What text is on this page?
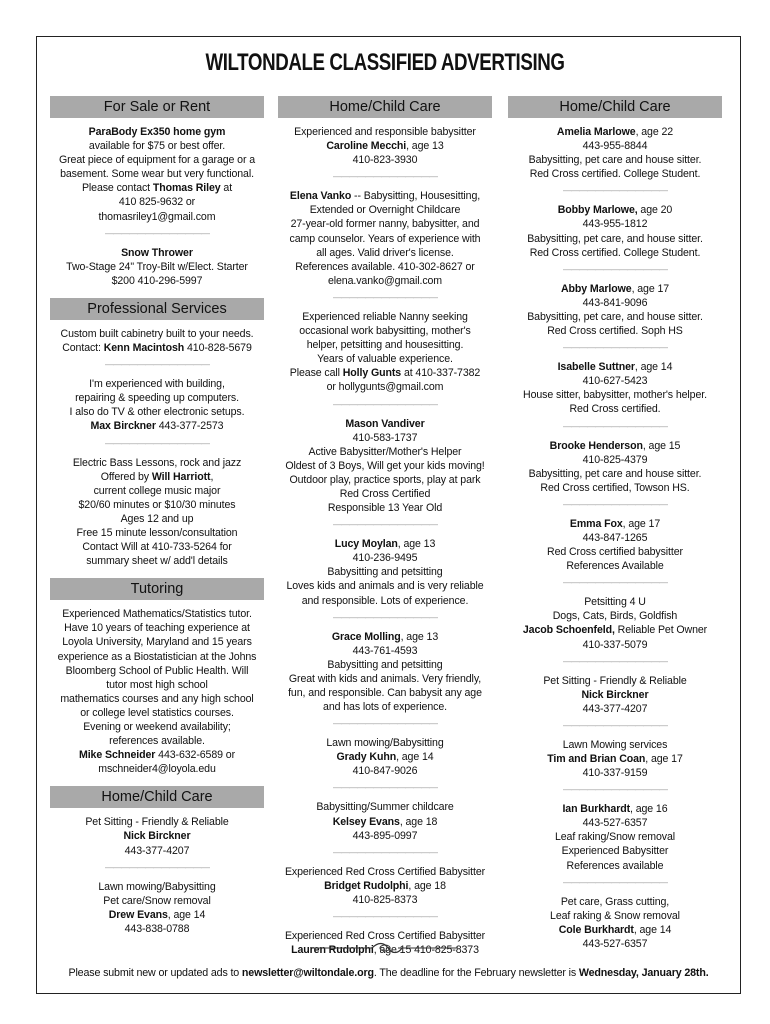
WILTONDALE CLASSIFIED ADVERTISING
For Sale or Rent
ParaBody Ex350 home gym
available for $75 or best offer.
Great piece of equipment for a garage or a
basement. Some wear but very functional.
Please contact Thomas Riley at
410 825-9632 or
thomasriley1@gmail.com
—————————————
Snow Thrower
Two-Stage 24" Troy-Bilt w/Elect. Starter
$200 410-296-5997
Professional Services
Custom built cabinetry built to your needs.
Contact: Kenn Macintosh 410-828-5679
—————————————
I'm experienced with building,
repairing & speeding up computers.
I also do TV & other electronic setups.
Max Birckner 443-377-2573
—————————————
Electric Bass Lessons, rock and jazz
Offered by Will Harriott,
current college music major
$20/60 minutes or $10/30 minutes
Ages 12 and up
Free 15 minute lesson/consultation
Contact Will at 410-733-5264 for
summary sheet w/ add'l details
Tutoring
Experienced Mathematics/Statistics tutor.
Have 10 years of teaching experience at
Loyola University, Maryland and 15 years
experience as a Biostatistician at the Johns
Bloomberg School of Public Health. Will
tutor most high school
mathematics courses and any high school
or college level statistics courses.
Evening or weekend availability;
references available.
Mike Schneider 443-632-6589 or
mschneider4@loyola.edu
Home/Child Care
Pet Sitting - Friendly & Reliable
Nick Birckner
443-377-4207
—————————————
Lawn mowing/Babysitting
Pet care/Snow removal
Drew Evans, age 14
443-838-0788
Home/Child Care
Experienced and responsible babysitter
Caroline Mecchi, age 13
410-823-3930
—————————————
Elena Vanko -- Babysitting, Housesitting,
Extended or Overnight Childcare
27-year-old former nanny, babysitter, and
camp counselor. Years of experience with
all ages. Valid driver's license.
References available. 410-302-8627 or
elena.vanko@gmail.com
—————————————
Experienced reliable Nanny seeking
occasional work babysitting, mother's
helper, petsitting and housesitting.
Years of valuable experience.
Please call Holly Gunts at 410-337-7382
or hollygunts@gmail.com
—————————————
Mason Vandiver
410-583-1737
Active Babysitter/Mother's Helper
Oldest of 3 Boys, Will get your kids moving!
Outdoor play, practice sports, play at park
Red Cross Certified
Responsible 13 Year Old
—————————————
Lucy Moylan, age 13
410-236-9495
Babysitting and petsitting
Loves kids and animals and is very reliable
and responsible. Lots of experience.
—————————————
Grace Molling, age 13
443-761-4593
Babysitting and petsitting
Great with kids and animals. Very friendly,
fun, and responsible. Can babysit any age
and has lots of experience.
—————————————
Lawn mowing/Babysitting
Grady Kuhn, age 14
410-847-9026
—————————————
Babysitting/Summer childcare
Kelsey Evans, age 18
443-895-0997
—————————————
Experienced Red Cross Certified Babysitter
Bridget Rudolphi, age 18
410-825-8373
—————————————
Experienced Red Cross Certified Babysitter
Lauren Rudolphi, age 15 410-825-8373
Home/Child Care
Amelia Marlowe, age 22
443-955-8844
Babysitting, pet care and house sitter.
Red Cross certified. College Student.
—————————————
Bobby Marlowe, age 20
443-955-1812
Babysitting, pet care, and house sitter.
Red Cross certified. College Student.
—————————————
Abby Marlowe, age 17
443-841-9096
Babysitting, pet care, and house sitter.
Red Cross certified. Soph HS
—————————————
Isabelle Suttner, age 14
410-627-5423
House sitter, babysitter, mother's helper.
Red Cross certified.
—————————————
Brooke Henderson, age 15
410-825-4379
Babysitting, pet care and house sitter.
Red Cross certified, Towson HS.
—————————————
Emma Fox, age 17
443-847-1265
Red Cross certified babysitter
References Available
—————————————
Petsitting 4 U
Dogs, Cats, Birds, Goldfish
Jacob Schoenfeld, Reliable Pet Owner
410-337-5079
—————————————
Pet Sitting - Friendly & Reliable
Nick Birckner
443-377-4207
—————————————
Lawn Mowing services
Tim and Brian Coan, age 17
410-337-9159
—————————————
Ian Burkhardt, age 16
443-527-6357
Leaf raking/Snow removal
Experienced Babysitter
References available
—————————————
Pet care, Grass cutting,
Leaf raking & Snow removal
Cole Burkhardt, age 14
443-527-6357
Please submit new or updated ads to newsletter@wiltondale.org. The deadline for the February newsletter is Wednesday, January 28th.
